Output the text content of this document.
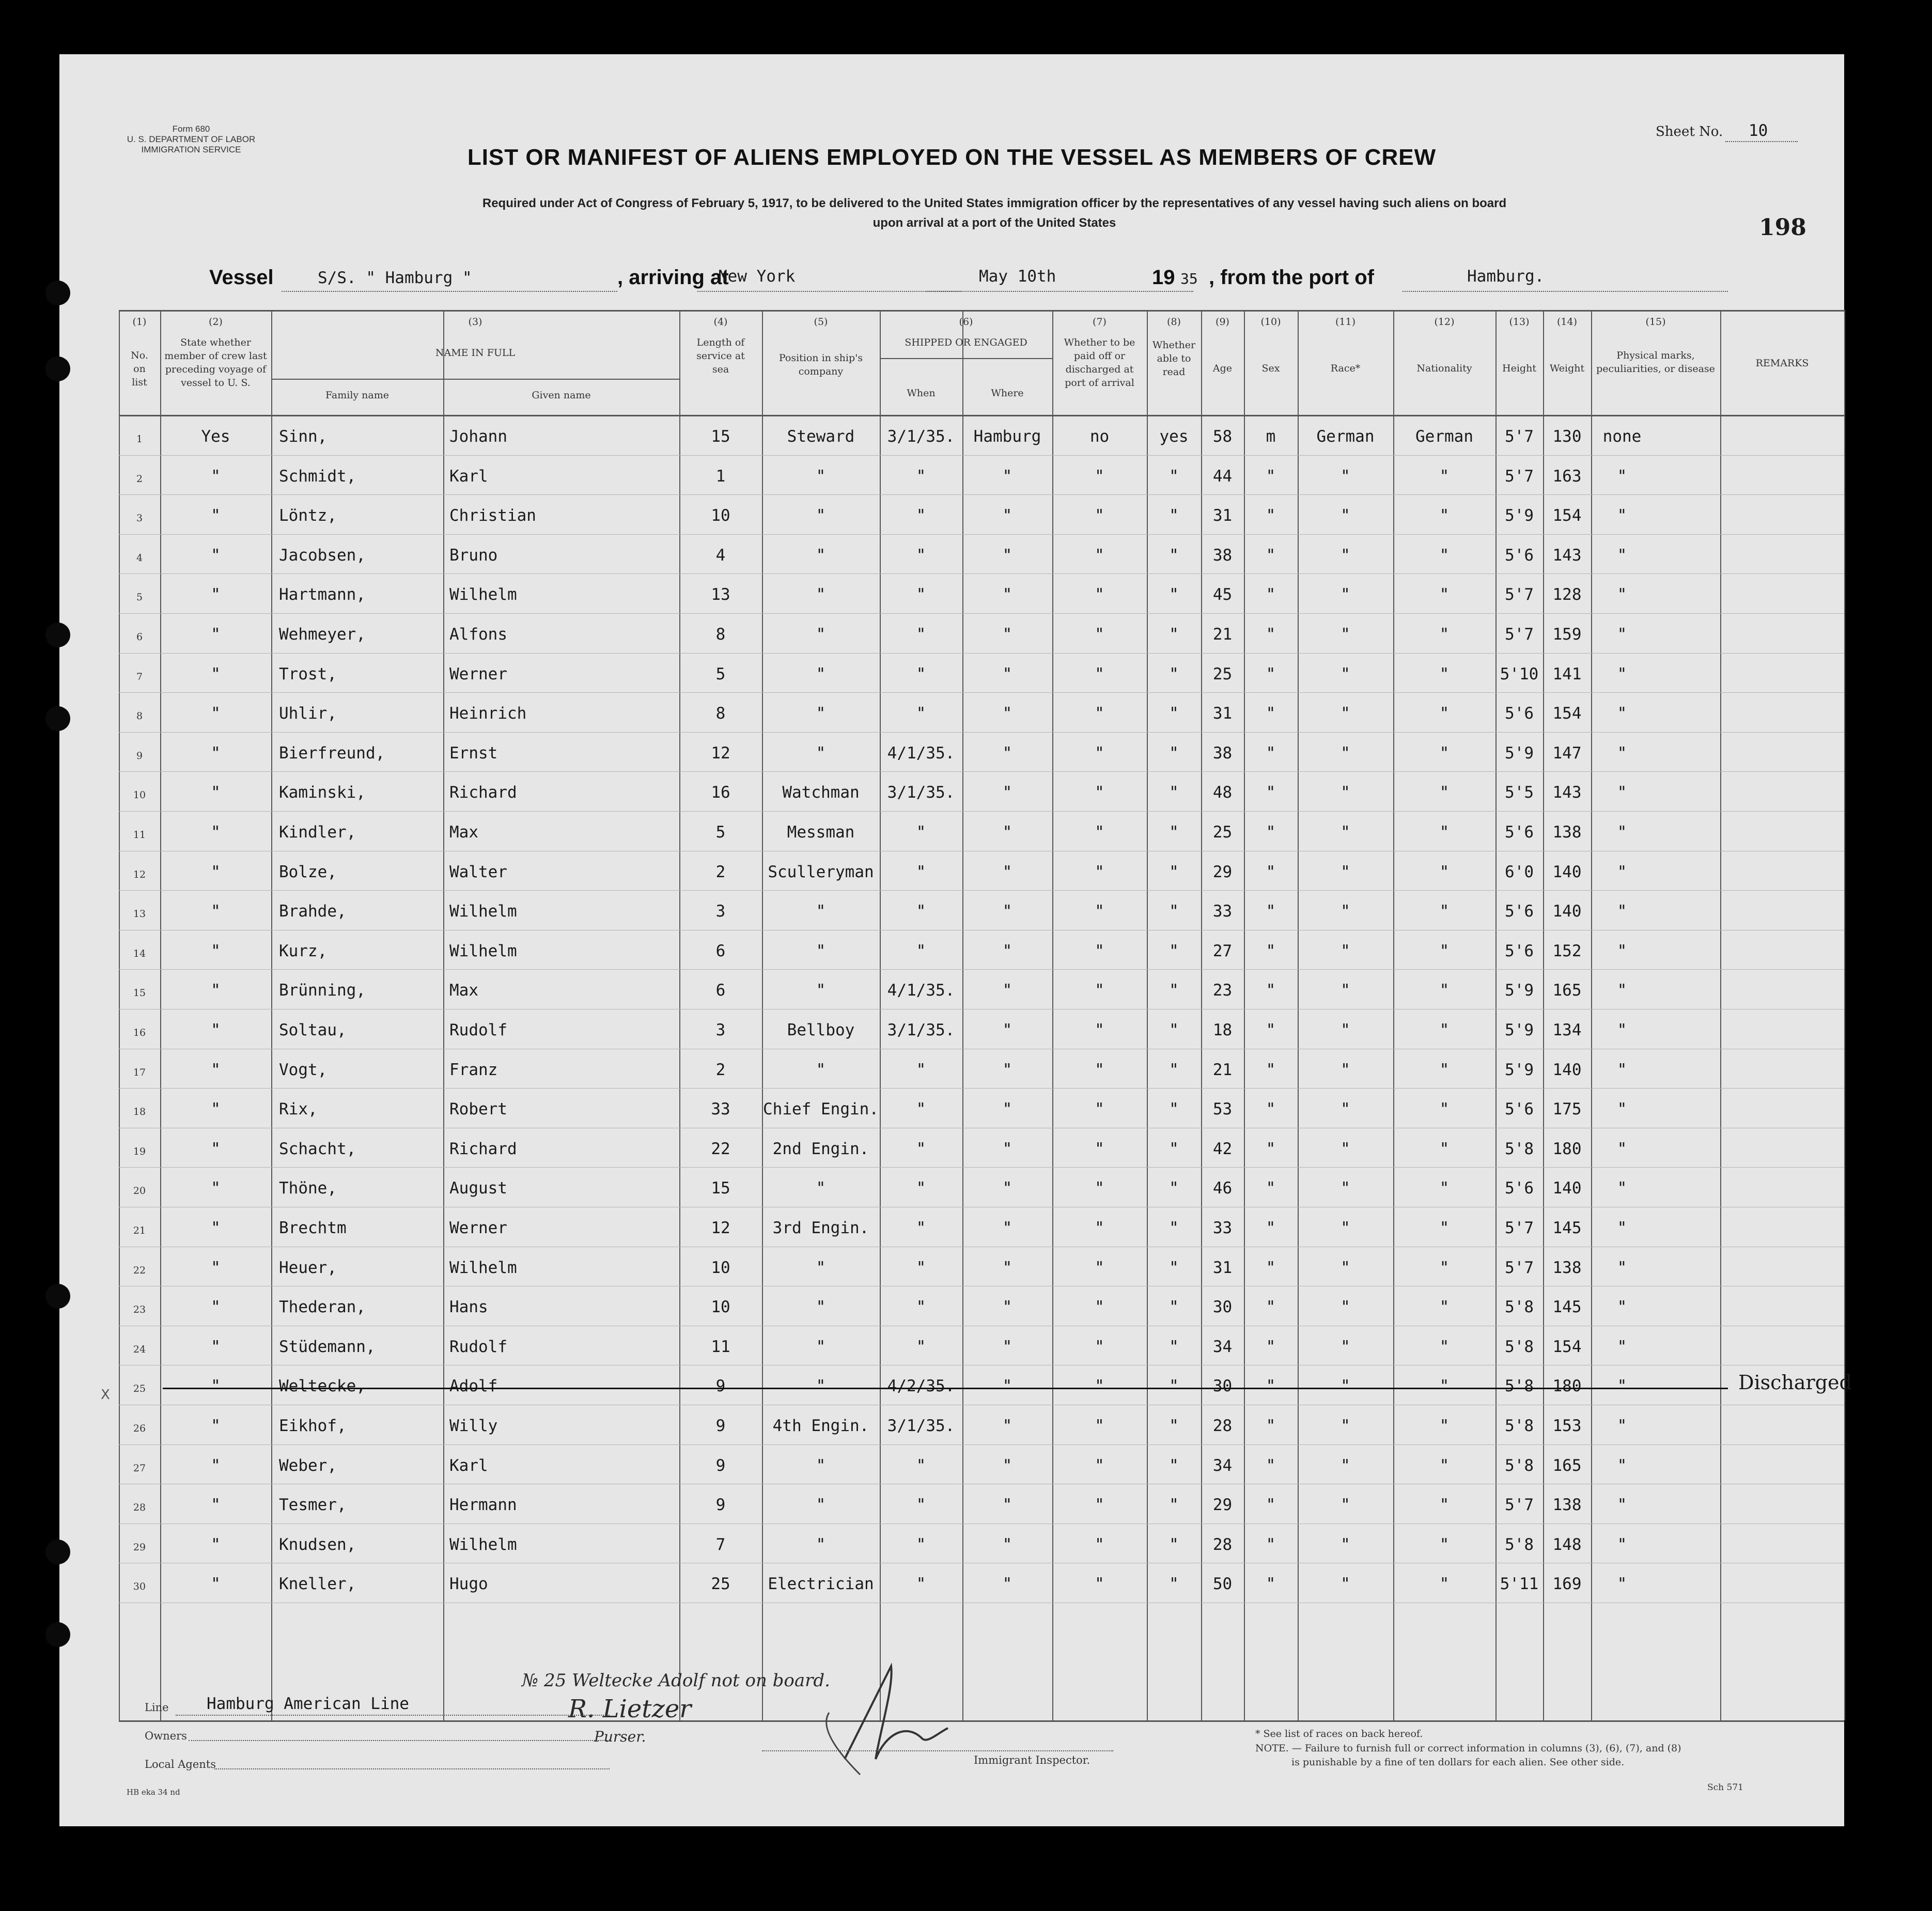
Form 680
U. S. DEPARTMENT OF LABOR
IMMIGRATION SERVICE	LIST OR MANIFEST OF ALIENS EMPLOYED ON THE VESSEL AS MEMBERS OF CREW
Required under Act of Congress of February 5, 1917, to be delivered to the United States immigration officer by the representatives of any vessel having such aliens on board
upon arrival at a port of the United States
Sheet No. 10
198
Vessel	S/S. " Hamburg "	, arriving at
New York	May 10th	19 35 , from the port of	Hamburg.
(1)	(2)	(3)	(4)	(5)	(6)	(7)	(8)	(9)	(10)	(11)	(12)	(13)	(14)	(15)
No. on list
State whether member of crew last preceding voyage of vessel to U. S.
NAME IN FULL
Family name	Given name
Length of service at sea
Position in ship's company
SHIPPED OR ENGAGED
When	Where
Whether to be paid off or discharged at port of arrival
Whether able to read	Age	Sex	Race*	Nationality	Height	Weight
Physical marks, peculiarities, or disease	REMARKS
1	Yes	Sinn,	Johann	15	Steward	3/1/35.	Hamburg	no	yes	58	m	German	German	5'7	130	none
2	"	Schmidt,	Karl	1	"	"	"	"	"	44	"	"	"	5'7	163	"
3	"	Löntz,	Christian	10	"	"	"	"	"	31	"	"	"	5'9	154	"
4	"	Jacobsen,	Bruno	4	"	"	"	"	"	38	"	"	"	5'6	143	"
5	"	Hartmann,	Wilhelm	13	"	"	"	"	"	45	"	"	"	5'7	128	"
6	"	Wehmeyer,	Alfons	8	"	"	"	"	"	21	"	"	"	5'7	159	"
7	"	Trost,	Werner	5	"	"	"	"	"	25	"	"	"	5'10 141	"
8	"	Uhlir,	Heinrich	8	"	"	"	"	"	31	"	"	"	5'6	154	"
9	"	Bierfreund,	Ernst	12	"	4/1/35.	"	"	"	38	"	"	"	5'9	147	"
10	"	Kaminski,	Richard	16	Watchman	3/1/35.	"	"	"	48	"	"	"	5'5	143	"
11	"	Kindler,	Max	5	Messman	"	"	"	"	25	"	"	"	5'6	138	"
12	"	Bolze,	Walter	2	Sculleryman	"	"	"	"	29	"	"	"	6'0	140	"
13	"	Brahde,	Wilhelm	3	"	"	"	"	"	33	"	"	"	5'6	140	"
14	"	Kurz,	Wilhelm	6	"	"	"	"	"	27	"	"	"	5'6	152	"
15	"	Brünning,	Max	6	"	4/1/35.	"	"	"	23	"	"	"	5'9	165	"
16	"	Soltau,	Rudolf	3	Bellboy	3/1/35.	"	"	"	18	"	"	"	5'9	134	"
17	"	Vogt,	Franz	2	"	"	"	"	"	21	"	"	"	5'9	140	"
18	"	Rix,	Robert	33	Chief Engin.	"	"	"	"	53	"	"	"	5'6	175	"
19	"	Schacht,	Richard	22	2nd Engin.	"	"	"	"	42	"	"	"	5'8	180	"
20	"	Thöne,	August	15	"	"	"	"	"	46	"	"	"	5'6	140	"
21	"	Brechtm	Werner	12	3rd Engin.	"	"	"	"	33	"	"	"	5'7	145	"
22	"	Heuer,	Wilhelm	10	"	"	"	"	"	31	"	"	"	5'7	138	"
23	"	Thederan,	Hans	10	"	"	"	"	"	30	"	"	"	5'8	145	"
24	"	Stüdemann,	Rudolf	11	"	"	"	"	"	34	"	"	"	5'8	154	"
25	"	Weltecke,	Adolf	9	"	4/2/35.	"	"	"	30	"	"	"	5'8	180	"	Discharged
26	"	Eikhof,	Willy	9	4th Engin.	3/1/35.	"	"	"	28	"	"	"	5'8	153	"
27	"	Weber,	Karl	9	"	"	"	"	"	34	"	"	"	5'8	165	"
28	"	Tesmer,	Hermann	9	"	"	"	"	"	29	"	"	"	5'7	138	"
29	"	Knudsen,	Wilhelm	7	"	"	"	"	"	28	"	"	"	5'8	148	"
30	"	Kneller,	Hugo	25	Electrician	"	"	"	"	50	"	"	"	5'11 169	"
X
№ 25 Weltecke Adolf not on board.
R. Lietzer
Purser.
Line Hamburg American Line
Owners
Local Agents	Immigrant Inspector.
* See list of races on back hereof.
NOTE. — Failure to furnish full or correct information in columns (3), (6), (7), and (8)
is punishable by a fine of ten dollars for each alien. See other side.
HB eka 34 nd	Sch 571
